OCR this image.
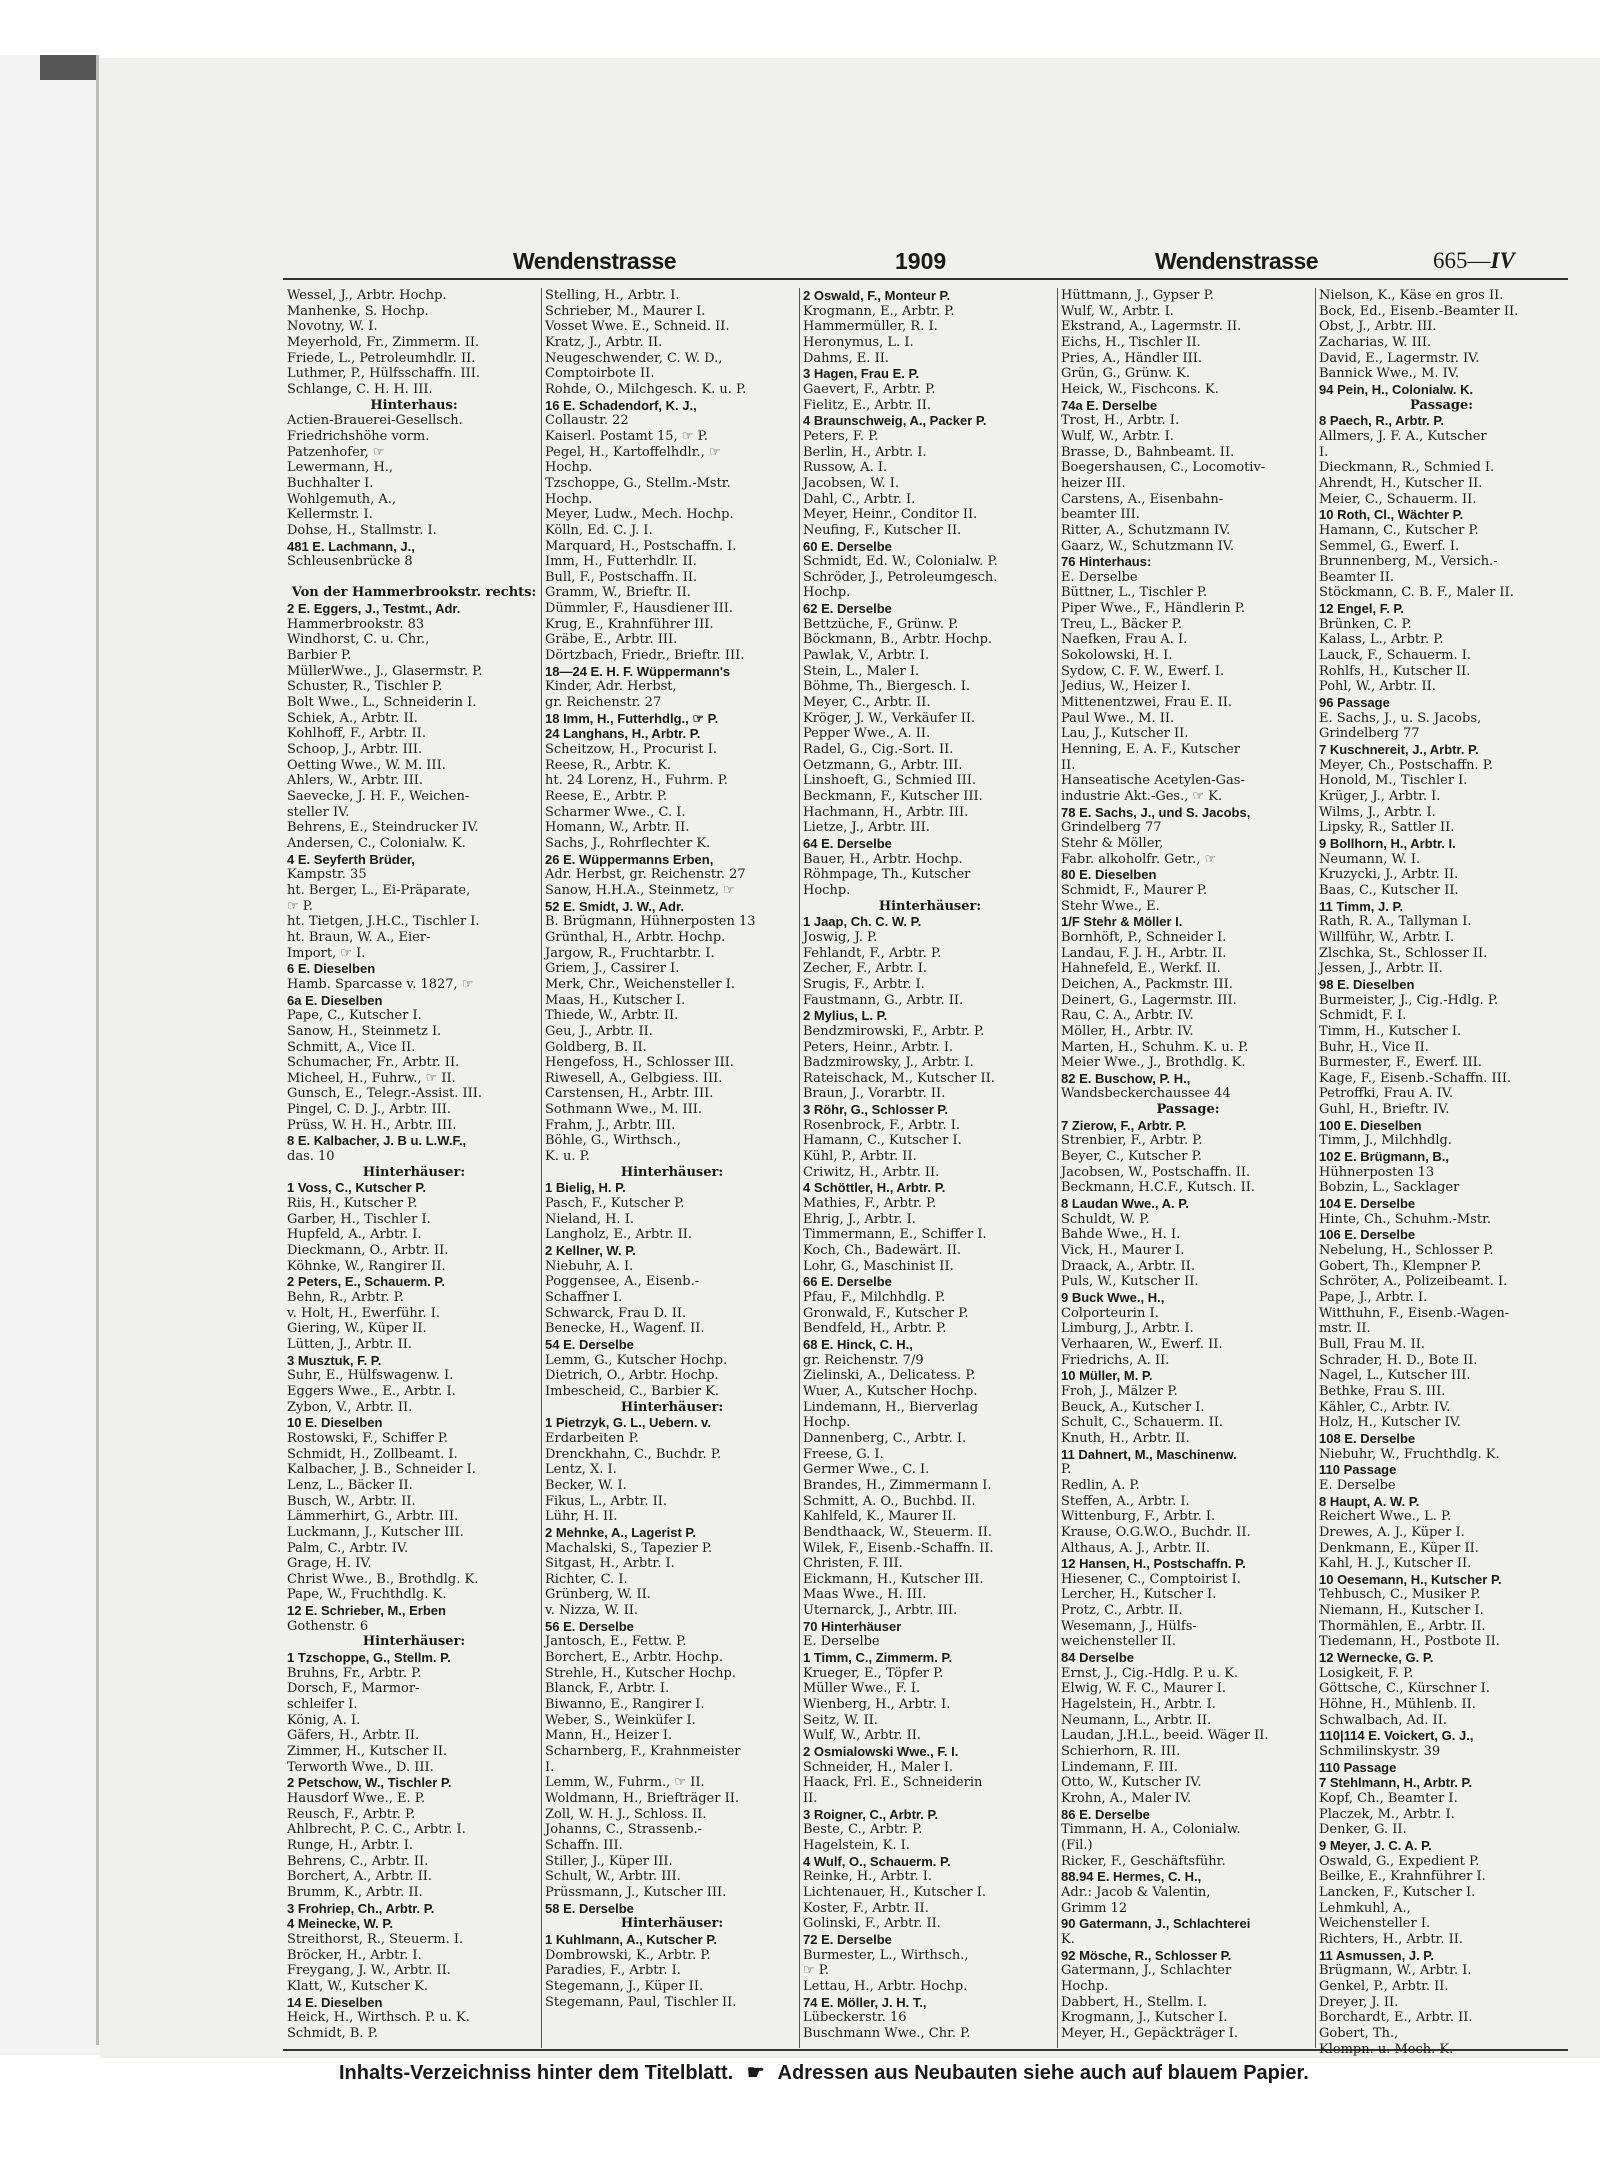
Wendenstrasse	1909	Wendenstrasse	665—IV
Wessel, J., Arbtr. Hochp.
Manhenke, S. Hochp.
Novotny, W. I.
Meyerhold, Fr., Zimmerm. II.
Friede, L., Petroleumhdlr. II.
Luthmer, P., Hülfsschaffn. III.
Schlange, C. H. H. III.
Hinterhaus:
Actien-Brauerei-Gesellsch.
Friedrichshöhe vorm.
Patzenhofer, ☞
Lewermann, H.,
Buchhalter I.
Wohlgemuth, A.,
Kellermstr. I.
Dohse, H., Stallmstr. I.
481 E. Lachmann, J.,
Schleusenbrücke 8

Von der Hammerbrookstr. rechts:
2 E. Eggers, J., Testmt., Adr.
Hammerbrookstr. 83
Windhorst, C. u. Chr.,
Barbier P.
MüllerWwe., J., Glasermstr. P.
Schuster, R., Tischler P.
Bolt Wwe., L., Schneiderin I.
Schiek, A., Arbtr. II.
Kohlhoff, F., Arbtr. II.
Schoop, J., Arbtr. III.
Oetting Wwe., W. M. III.
Ahlers, W., Arbtr. III.
Saevecke, J. H. F., Weichen-
steller IV.
Behrens, E., Steindrucker IV.
Andersen, C., Colonialw. K.
4 E. Seyferth Brüder,
Kampstr. 35
ht. Berger, L., Ei-Präparate,
☞ P.
ht. Tietgen, J.H.C., Tischler I.
ht. Braun, W. A., Eier-
Import, ☞ I.
6 E. Dieselben
Hamb. Sparcasse v. 1827, ☞
6a E. Dieselben
Pape, C., Kutscher I.
Sanow, H., Steinmetz I.
Schmitt, A., Vice II.
Schumacher, Fr., Arbtr. II.
Micheel, H., Fuhrw., ☞ II.
Gunsch, E., Telegr.-Assist. III.
Pingel, C. D. J., Arbtr. III.
Prüss, W. H. H., Arbtr. III.
8 E. Kalbacher, J. B u. L.W.F.,
das. 10
Hinterhäuser:
1 Voss, C., Kutscher P.
Riis, H., Kutscher P.
Garber, H., Tischler I.
Hupfeld, A., Arbtr. I.
Dieckmann, O., Arbtr. II.
Köhnke, W., Rangirer II.
2 Peters, E., Schauerm. P.
Behn, R., Arbtr. P.
v. Holt, H., Ewerführ. I.
Giering, W., Küper II.
Lütten, J., Arbtr. II.
3 Musztuk, F. P.
Suhr, E., Hülfswagenw. I.
Eggers Wwe., E., Arbtr. I.
Zybon, V., Arbtr. II.
10 E. Dieselben
Rostowski, F., Schiffer P.
Schmidt, H., Zollbeamt. I.
Kalbacher, J. B., Schneider I.
Lenz, L., Bäcker II.
Busch, W., Arbtr. II.
Lämmerhirt, G., Arbtr. III.
Luckmann, J., Kutscher III.
Palm, C., Arbtr. IV.
Grage, H. IV.
Christ Wwe., B., Brothdlg. K.
Pape, W., Fruchthdlg. K.
12 E. Schrieber, M., Erben
Gothenstr. 6
Hinterhäuser:
1 Tzschoppe, G., Stellm. P.
Bruhns, Fr., Arbtr. P.
Dorsch, F., Marmor-
schleifer I.
König, A. I.
Gäfers, H., Arbtr. II.
Zimmer, H., Kutscher II.
Terworth Wwe., D. III.
2 Petschow, W., Tischler P.
Hausdorf Wwe., E. P.
Reusch, F., Arbtr. P.
Ahlbrecht, P. C. C., Arbtr. I.
Runge, H., Arbtr. I.
Behrens, C., Arbtr. II.
Borchert, A., Arbtr. II.
Brumm, K., Arbtr. II.
3 Frohriep, Ch., Arbtr. P.
4 Meinecke, W. P.
Streithorst, R., Steuerm. I.
Bröcker, H., Arbtr. I.
Freygang, J. W., Arbtr. II.
Klatt, W., Kutscher K.
14 E. Dieselben
Heick, H., Wirthsch. P. u. K.
Schmidt, B. P.
Stelling, H., Arbtr. I.
Schrieber, M., Maurer I.
Vosset Wwe. E., Schneid. II.
Kratz, J., Arbtr. II.
Neugeschwender, C. W. D.,
Comptoirbote II.
Rohde, O., Milchgesch. K. u. P.
16 E. Schadendorf, K. J.,
Collaustr. 22
Kaiserl. Postamt 15, ☞ P.
Pegel, H., Kartoffelhdlr., ☞
Hochp.
Tzschoppe, G., Stellm.-Mstr.
Hochp.
Meyer, Ludw., Mech. Hochp.
Kölln, Ed. C. J. I.
Marquard, H., Postschaffn. I.
Imm, H., Futterhdlr. II.
Bull, F., Postschaffn. II.
Gramm, W., Brieftr. II.
Dümmler, F., Hausdiener III.
Krug, E., Krahnführer III.
Gräbe, E., Arbtr. III.
Dörtzbach, Friedr., Brieftr. III.
18—24 E. H. F. Wüppermann's
Kinder, Adr. Herbst,
gr. Reichenstr. 27
18 Imm, H., Futterhdlg., ☞ P.
24 Langhans, H., Arbtr. P.
Scheitzow, H., Procurist I.
Reese, R., Arbtr. K.
ht. 24 Lorenz, H., Fuhrm. P.
Reese, E., Arbtr. P.
Scharmer Wwe., C. I.
Homann, W., Arbtr. II.
Sachs, J., Rohrflechter K.
26 E. Wüppermanns Erben,
Adr. Herbst, gr. Reichenstr. 27
Sanow, H.H.A., Steinmetz, ☞
52 E. Smidt, J. W., Adr.
B. Brügmann, Hühnerposten 13
Grünthal, H., Arbtr. Hochp.
Jargow, R., Fruchtarbtr. I.
Griem, J., Cassirer I.
Merk, Chr., Weichensteller I.
Maas, H., Kutscher I.
Thiede, W., Arbtr. II.
Geu, J., Arbtr. II.
Goldberg, B. II.
Hengefoss, H., Schlosser III.
Riwesell, A., Gelbgiess. III.
Carstensen, H., Arbtr. III.
Sothmann Wwe., M. III.
Frahm, J., Arbtr. III.
Böhle, G., Wirthsch.,
K. u. P.
Hinterhäuser:
1 Bielig, H. P.
Pasch, F., Kutscher P.
Nieland, H. I.
Langholz, E., Arbtr. II.
2 Kellner, W. P.
Niebuhr, A. I.
Poggensee, A., Eisenb.-
Schaffner I.
Schwarck, Frau D. II.
Benecke, H., Wagenf. II.
54 E. Derselbe
Lemm, G., Kutscher Hochp.
Dietrich, O., Arbtr. Hochp.
Imbescheid, C., Barbier K.
Hinterhäuser:
1 Pietrzyk, G. L., Uebern. v.
Erdarbeiten P.
Drenckhahn, C., Buchdr. P.
Lentz, X. I.
Becker, W. I.
Fikus, L., Arbtr. II.
Lühr, H. II.
2 Mehnke, A., Lagerist P.
Machalski, S., Tapezier P.
Sitgast, H., Arbtr. I.
Richter, C. I.
Grünberg, W. II.
v. Nizza, W. II.
56 E. Derselbe
Jantosch, E., Fettw. P.
Borchert, E., Arbtr. Hochp.
Strehle, H., Kutscher Hochp.
Blanck, F., Arbtr. I.
Biwanno, E., Rangirer I.
Weber, S., Weinküfer I.
Mann, H., Heizer I.
Scharnberg, F., Krahnmeister
I.
Lemm, W., Fuhrm., ☞ II.
Woldmann, H., Briefträger II.
Zoll, W. H. J., Schloss. II.
Johanns, C., Strassenb.-
Schaffn. III.
Stiller, J., Küper III.
Schult, W., Arbtr. III.
Prüssmann, J., Kutscher III.
58 E. Derselbe
Hinterhäuser:
1 Kuhlmann, A., Kutscher P.
Dombrowski, K., Arbtr. P.
Paradies, F., Arbtr. I.
Stegemann, J., Küper II.
Stegemann, Paul, Tischler II.
2 Oswald, F., Monteur P.
Krogmann, E., Arbtr. P.
Hammermüller, R. I.
Heronymus, L. I.
Dahms, E. II.
3 Hagen, Frau E. P.
Gaevert, F., Arbtr. P.
Fielitz, E., Arbtr. II.
4 Braunschweig, A., Packer P.
Peters, F. P.
Berlin, H., Arbtr. I.
Russow, A. I.
Jacobsen, W. I.
Dahl, C., Arbtr. I.
Meyer, Heinr., Conditor II.
Neufing, F., Kutscher II.
60 E. Derselbe
Schmidt, Ed. W., Colonialw. P.
Schröder, J., Petroleumgesch.
Hochp.
62 E. Derselbe
Bettzüche, F., Grünw. P.
Böckmann, B., Arbtr. Hochp.
Pawlak, V., Arbtr. I.
Stein, L., Maler I.
Böhme, Th., Biergesch. I.
Meyer, C., Arbtr. II.
Kröger, J. W., Verkäufer II.
Pepper Wwe., A. II.
Radel, G., Cig.-Sort. II.
Oetzmann, G., Arbtr. III.
Linshoeft, G., Schmied III.
Beckmann, F., Kutscher III.
Hachmann, H., Arbtr. III.
Lietze, J., Arbtr. III.
64 E. Derselbe
Bauer, H., Arbtr. Hochp.
Röhmpage, Th., Kutscher
Hochp.
Hinterhäuser:
1 Jaap, Ch. C. W. P.
Joswig, J. P.
Fehlandt, F., Arbtr. P.
Zecher, F., Arbtr. I.
Srugis, F., Arbtr. I.
Faustmann, G., Arbtr. II.
2 Mylius, L. P.
Bendzmirowski, F., Arbtr. P.
Peters, Heinr., Arbtr. I.
Badzmirowsky, J., Arbtr. I.
Rateischack, M., Kutscher II.
Braun, J., Vorarbtr. II.
3 Röhr, G., Schlosser P.
Rosenbrock, F., Arbtr. I.
Hamann, C., Kutscher I.
Kühl, P., Arbtr. II.
Criwitz, H., Arbtr. II.
4 Schöttler, H., Arbtr. P.
Mathies, F., Arbtr. P.
Ehrig, J., Arbtr. I.
Timmermann, E., Schiffer I.
Koch, Ch., Badewärt. II.
Lohr, G., Maschinist II.
66 E. Derselbe
Pfau, F., Milchhdlg. P.
Gronwald, F., Kutscher P.
Bendfeld, H., Arbtr. P.
68 E. Hinck, C. H.,
gr. Reichenstr. 7/9
Zielinski, A., Delicatess. P.
Wuer, A., Kutscher Hochp.
Lindemann, H., Bierverlag
Hochp.
Dannenberg, C., Arbtr. I.
Freese, G. I.
Germer Wwe., C. I.
Brandes, H., Zimmermann I.
Schmitt, A. O., Buchbd. II.
Kahlfeld, K., Maurer II.
Bendthaack, W., Steuerm. II.
Wilek, F., Eisenb.-Schaffn. II.
Christen, F. III.
Eickmann, H., Kutscher III.
Maas Wwe., H. III.
Uternarck, J., Arbtr. III.
70 Hinterhäuser
E. Derselbe
1 Timm, C., Zimmerm. P.
Krueger, E., Töpfer P.
Müller Wwe., F. I.
Wienberg, H., Arbtr. I.
Seitz, W. II.
Wulf, W., Arbtr. II.
2 Osmialowski Wwe., F. I.
Schneider, H., Maler I.
Haack, Frl. E., Schneiderin
II.
3 Roigner, C., Arbtr. P.
Beste, C., Arbtr. P.
Hagelstein, K. I.
4 Wulf, O., Schauerm. P.
Reinke, H., Arbtr. I.
Lichtenauer, H., Kutscher I.
Koster, F., Arbtr. II.
Golinski, F., Arbtr. II.
72 E. Derselbe
Burmester, L., Wirthsch.,
☞ P.
Lettau, H., Arbtr. Hochp.
74 E. Möller, J. H. T.,
Lübeckerstr. 16
Buschmann Wwe., Chr. P.
Hüttmann, J., Gypser P.
Wulf, W., Arbtr. I.
Ekstrand, A., Lagermstr. II.
Eichs, H., Tischler II.
Pries, A., Händler III.
Grün, G., Grünw. K.
Heick, W., Fischcons. K.
74a E. Derselbe
Trost, H., Arbtr. I.
Wulf, W., Arbtr. I.
Brasse, D., Bahnbeamt. II.
Boegershausen, C., Locomotiv-
heizer III.
Carstens, A., Eisenbahn-
beamter III.
Ritter, A., Schutzmann IV.
Gaarz, W., Schutzmann IV.
76 Hinterhaus:
E. Derselbe
Büttner, L., Tischler P.
Piper Wwe., F., Händlerin P.
Treu, L., Bäcker P.
Naefken, Frau A. I.
Sokolowski, H. I.
Sydow, C. F. W., Ewerf. I.
Jedius, W., Heizer I.
Mittenentzwei, Frau E. II.
Paul Wwe., M. II.
Lau, J., Kutscher II.
Henning, E. A. F., Kutscher
II.
Hanseatische Acetylen-Gas-
industrie Akt.-Ges., ☞ K.
78 E. Sachs, J., und S. Jacobs,
Grindelberg 77
Stehr & Möller,
Fabr. alkoholfr. Getr., ☞
80 E. Dieselben
Schmidt, F., Maurer P.
Stehr Wwe., E.
1/F Stehr & Möller I.
Bornhöft, P., Schneider I.
Landau, F. J. H., Arbtr. II.
Hahnefeld, E., Werkf. II.
Deichen, A., Packmstr. III.
Deinert, G., Lagermstr. III.
Rau, C. A., Arbtr. IV.
Möller, H., Arbtr. IV.
Marten, H., Schuhm. K. u. P.
Meier Wwe., J., Brothdlg. K.
82 E. Buschow, P. H.,
Wandsbeckerchaussee 44
Passage:
7 Zierow, F., Arbtr. P.
Strenbier, F., Arbtr. P.
Beyer, C., Kutscher P.
Jacobsen, W., Postschaffn. II.
Beckmann, H.C.F., Kutsch. II.
8 Laudan Wwe., A. P.
Schuldt, W. P.
Bahde Wwe., H. I.
Vick, H., Maurer I.
Draack, A., Arbtr. II.
Puls, W., Kutscher II.
9 Buck Wwe., H.,
Colporteurin I.
Limburg, J., Arbtr. I.
Verhaaren, W., Ewerf. II.
Friedrichs, A. II.
10 Müller, M. P.
Froh, J., Mälzer P.
Beuck, A., Kutscher I.
Schult, C., Schauerm. II.
Knuth, H., Arbtr. II.
11 Dahnert, M., Maschinenw.
P.
Redlin, A. P.
Steffen, A., Arbtr. I.
Wittenburg, F., Arbtr. I.
Krause, O.G.W.O., Buchdr. II.
Althaus, A. J., Arbtr. II.
12 Hansen, H., Postschaffn. P.
Hiesener, C., Comptoirist I.
Lercher, H., Kutscher I.
Protz, C., Arbtr. II.
Wesemann, J., Hülfs-
weichensteller II.
84 Derselbe
Ernst, J., Cig.-Hdlg. P. u. K.
Elwig, W. F. C., Maurer I.
Hagelstein, H., Arbtr. I.
Neumann, L., Arbtr. II.
Laudan, J.H.L., beeid. Wäger II.
Schierhorn, R. III.
Lindemann, F. III.
Otto, W., Kutscher IV.
Krohn, A., Maler IV.
86 E. Derselbe
Timmann, H. A., Colonialw.
(Fil.)
Ricker, F., Geschäftsführ.
88.94 E. Hermes, C. H.,
Adr.: Jacob & Valentin,
Grimm 12
90 Gatermann, J., Schlachterei
K.
92 Mösche, R., Schlosser P.
Gatermann, J., Schlachter
Hochp.
Dabbert, H., Stellm. I.
Krogmann, J., Kutscher I.
Meyer, H., Gepäckträger I.
Nielson, K., Käse en gros II.
Bock, Ed., Eisenb.-Beamter II.
Obst, J., Arbtr. III.
Zacharias, W. III.
David, E., Lagermstr. IV.
Bannick Wwe., M. IV.
94 Pein, H., Colonialw. K.
Passage:
8 Paech, R., Arbtr. P.
Allmers, J. F. A., Kutscher
I.
Dieckmann, R., Schmied I.
Ahrendt, H., Kutscher II.
Meier, C., Schauerm. II.
10 Roth, Cl., Wächter P.
Hamann, C., Kutscher P.
Semmel, G., Ewerf. I.
Brunnenberg, M., Versich.-
Beamter II.
Stöckmann, C. B. F., Maler II.
12 Engel, F. P.
Brünken, C. P.
Kalass, L., Arbtr. P.
Lauck, F., Schauerm. I.
Rohlfs, H., Kutscher II.
Pohl, W., Arbtr. II.
96 Passage
E. Sachs, J., u. S. Jacobs,
Grindelberg 77
7 Kuschnereit, J., Arbtr. P.
Meyer, Ch., Postschaffn. P.
Honold, M., Tischler I.
Krüger, J., Arbtr. I.
Wilms, J., Arbtr. I.
Lipsky, R., Sattler II.
9 Bollhorn, H., Arbtr. I.
Neumann, W. I.
Kruzycki, J., Arbtr. II.
Baas, C., Kutscher II.
11 Timm, J. P.
Rath, R. A., Tallyman I.
Willführ, W., Arbtr. I.
Zlschka, St., Schlosser II.
Jessen, J., Arbtr. II.
98 E. Dieselben
Burmeister, J., Cig.-Hdlg. P.
Schmidt, F. I.
Timm, H., Kutscher I.
Buhr, H., Vice II.
Burmester, F., Ewerf. III.
Kage, F., Eisenb.-Schaffn. III.
Petroffki, Frau A. IV.
Guhl, H., Brieftr. IV.
100 E. Dieselben
Timm, J., Milchhdlg.
102 E. Brügmann, B.,
Hühnerposten 13
Bobzin, L., Sacklager
104 E. Derselbe
Hinte, Ch., Schuhm.-Mstr.
106 E. Derselbe
Nebelung, H., Schlosser P.
Gobert, Th., Klempner P.
Schröter, A., Polizeibeamt. I.
Pape, J., Arbtr. I.
Witthuhn, F., Eisenb.-Wagen-
mstr. II.
Bull, Frau M. II.
Schrader, H. D., Bote II.
Nagel, L., Kutscher III.
Bethke, Frau S. III.
Kähler, C., Arbtr. IV.
Holz, H., Kutscher IV.
108 E. Derselbe
Niebuhr, W., Fruchthdlg. K.
110 Passage
E. Derselbe
8 Haupt, A. W. P.
Reichert Wwe., L. P.
Drewes, A. J., Küper I.
Denkmann, E., Küper II.
Kahl, H. J., Kutscher II.
10 Oesemann, H., Kutscher P.
Tehbusch, C., Musiker P.
Niemann, H., Kutscher I.
Thormählen, E., Arbtr. II.
Tiedemann, H., Postbote II.
12 Wernecke, G. P.
Losigkeit, F. P.
Göttsche, C., Kürschner I.
Höhne, H., Mühlenb. II.
Schwalbach, Ad. II.
110|114 E. Voickert, G. J.,
Schmilinskystr. 39
110 Passage
7 Stehlmann, H., Arbtr. P.
Kopf, Ch., Beamter I.
Placzek, M., Arbtr. I.
Denker, G. II.
9 Meyer, J. C. A. P.
Oswald, G., Expedient P.
Beilke, E., Krahnführer I.
Lancken, F., Kutscher I.
Lehmkuhl, A.,
Weichensteller I.
Richters, H., Arbtr. II.
11 Asmussen, J. P.
Brügmann, W., Arbtr. I.
Genkel, P., Arbtr. II.
Dreyer, J. II.
Borchardt, E., Arbtr. II.
Gobert, Th.,
Klempn. u. Mech. K.
Inhalts-Verzeichniss hinter dem Titelblatt. ☛ Adressen aus Neubauten siehe auch auf blauem Papier.
